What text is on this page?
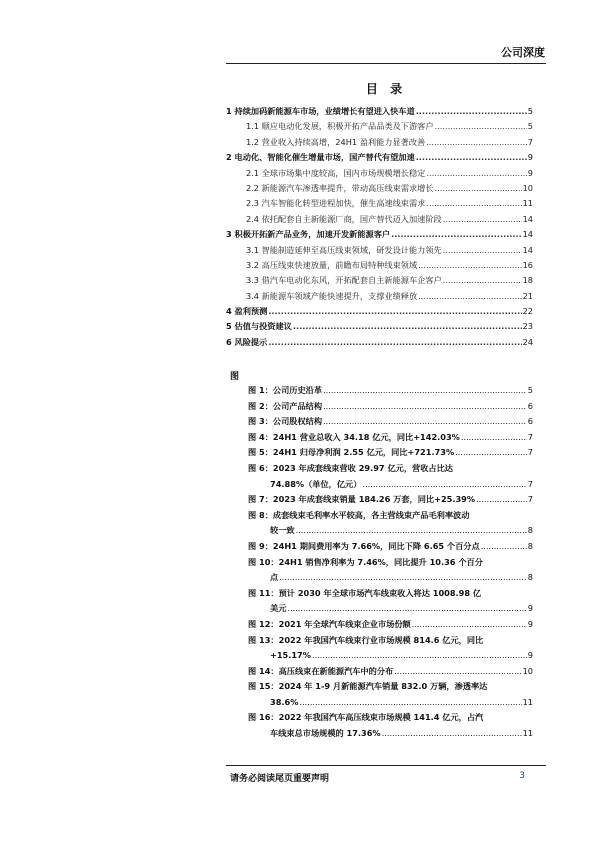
公司深度
目 录
1 持续加码新能源车市场，业绩增长有望进入快车道 .....	5
1.1 顺应电动化发展，积极开拓产品品类及下游客户 .....	5
1.2 营业收入持续高增，24H1 盈利能力显著改善 .....	7
2 电动化、智能化催生增量市场，国产替代有望加速 .....	9
2.1 全球市场集中度较高，国内市场规模增长稳定 .....	9
2.2 新能源汽车渗透率提升，带动高压线束需求增长 .....	10
2.3 汽车智能化转型进程加快，催生高速线束需求 .....	11
2.4 依托配套自主新能源厂商，国产替代迈入加速阶段 .....	14
3 积极开拓新产品业务，加速开发新能源客户 .....	14
3.1 智能制造延伸至高压线束领域，研发设计能力领先 .....	14
3.2 高压线束快速放量，前瞻布局特种线束领域 .....	16
3.3 借汽车电动化东风，开拓配套自主新能源车企客户 .....	18
3.4 新能源车领域产能快速提升，支撑业绩释放 .....	21
4 盈利预测 .....	22
5 估值与投资建议 .....	23
6 风险提示 .....	24
图
图 1：公司历史沿革 .....	5
图 2：公司产品结构 .....	6
图 3：公司股权结构 .....	6
图 4：24H1 营业总收入 34.18 亿元，同比+142.03% .....	7
图 5：24H1 归母净利润 2.55 亿元，同比+721.73% .....	7
图 6：2023 年成套线束营收 29.97 亿元，营收占比达
74.88%（单位，亿元） .....	7
图 7：2023 年成套线束销量 184.26 万套，同比+25.39% .....	7
图 8：成套线束毛利率水平较高，各主营线束产品毛利率波动
较一致 .....	8
图 9：24H1 期间费用率为 7.66%，同比下降 6.65 个百分点 .....	8
图 10：24H1 销售净利率为 7.46%，同比提升 10.36 个百分
点 .....	8
图 11：预计 2030 年全球市场汽车线束收入将达 1008.98 亿
美元 .....	9
图 12：2021 年全球汽车线束企业市场份额 .....	9
图 13：2022 年我国汽车线束行业市场规模 814.6 亿元，同比
+15.17% .....	9
图 14：高压线束在新能源汽车中的分布 .....	10
图 15：2024 年 1-9 月新能源汽车销量 832.0 万辆，渗透率达
38.6% .....	11
图 16：2022 年我国汽车高压线束市场规模 141.4 亿元，占汽
车线束总市场规模的 17.36% .....	11
请务必阅读尾页重要声明	3
